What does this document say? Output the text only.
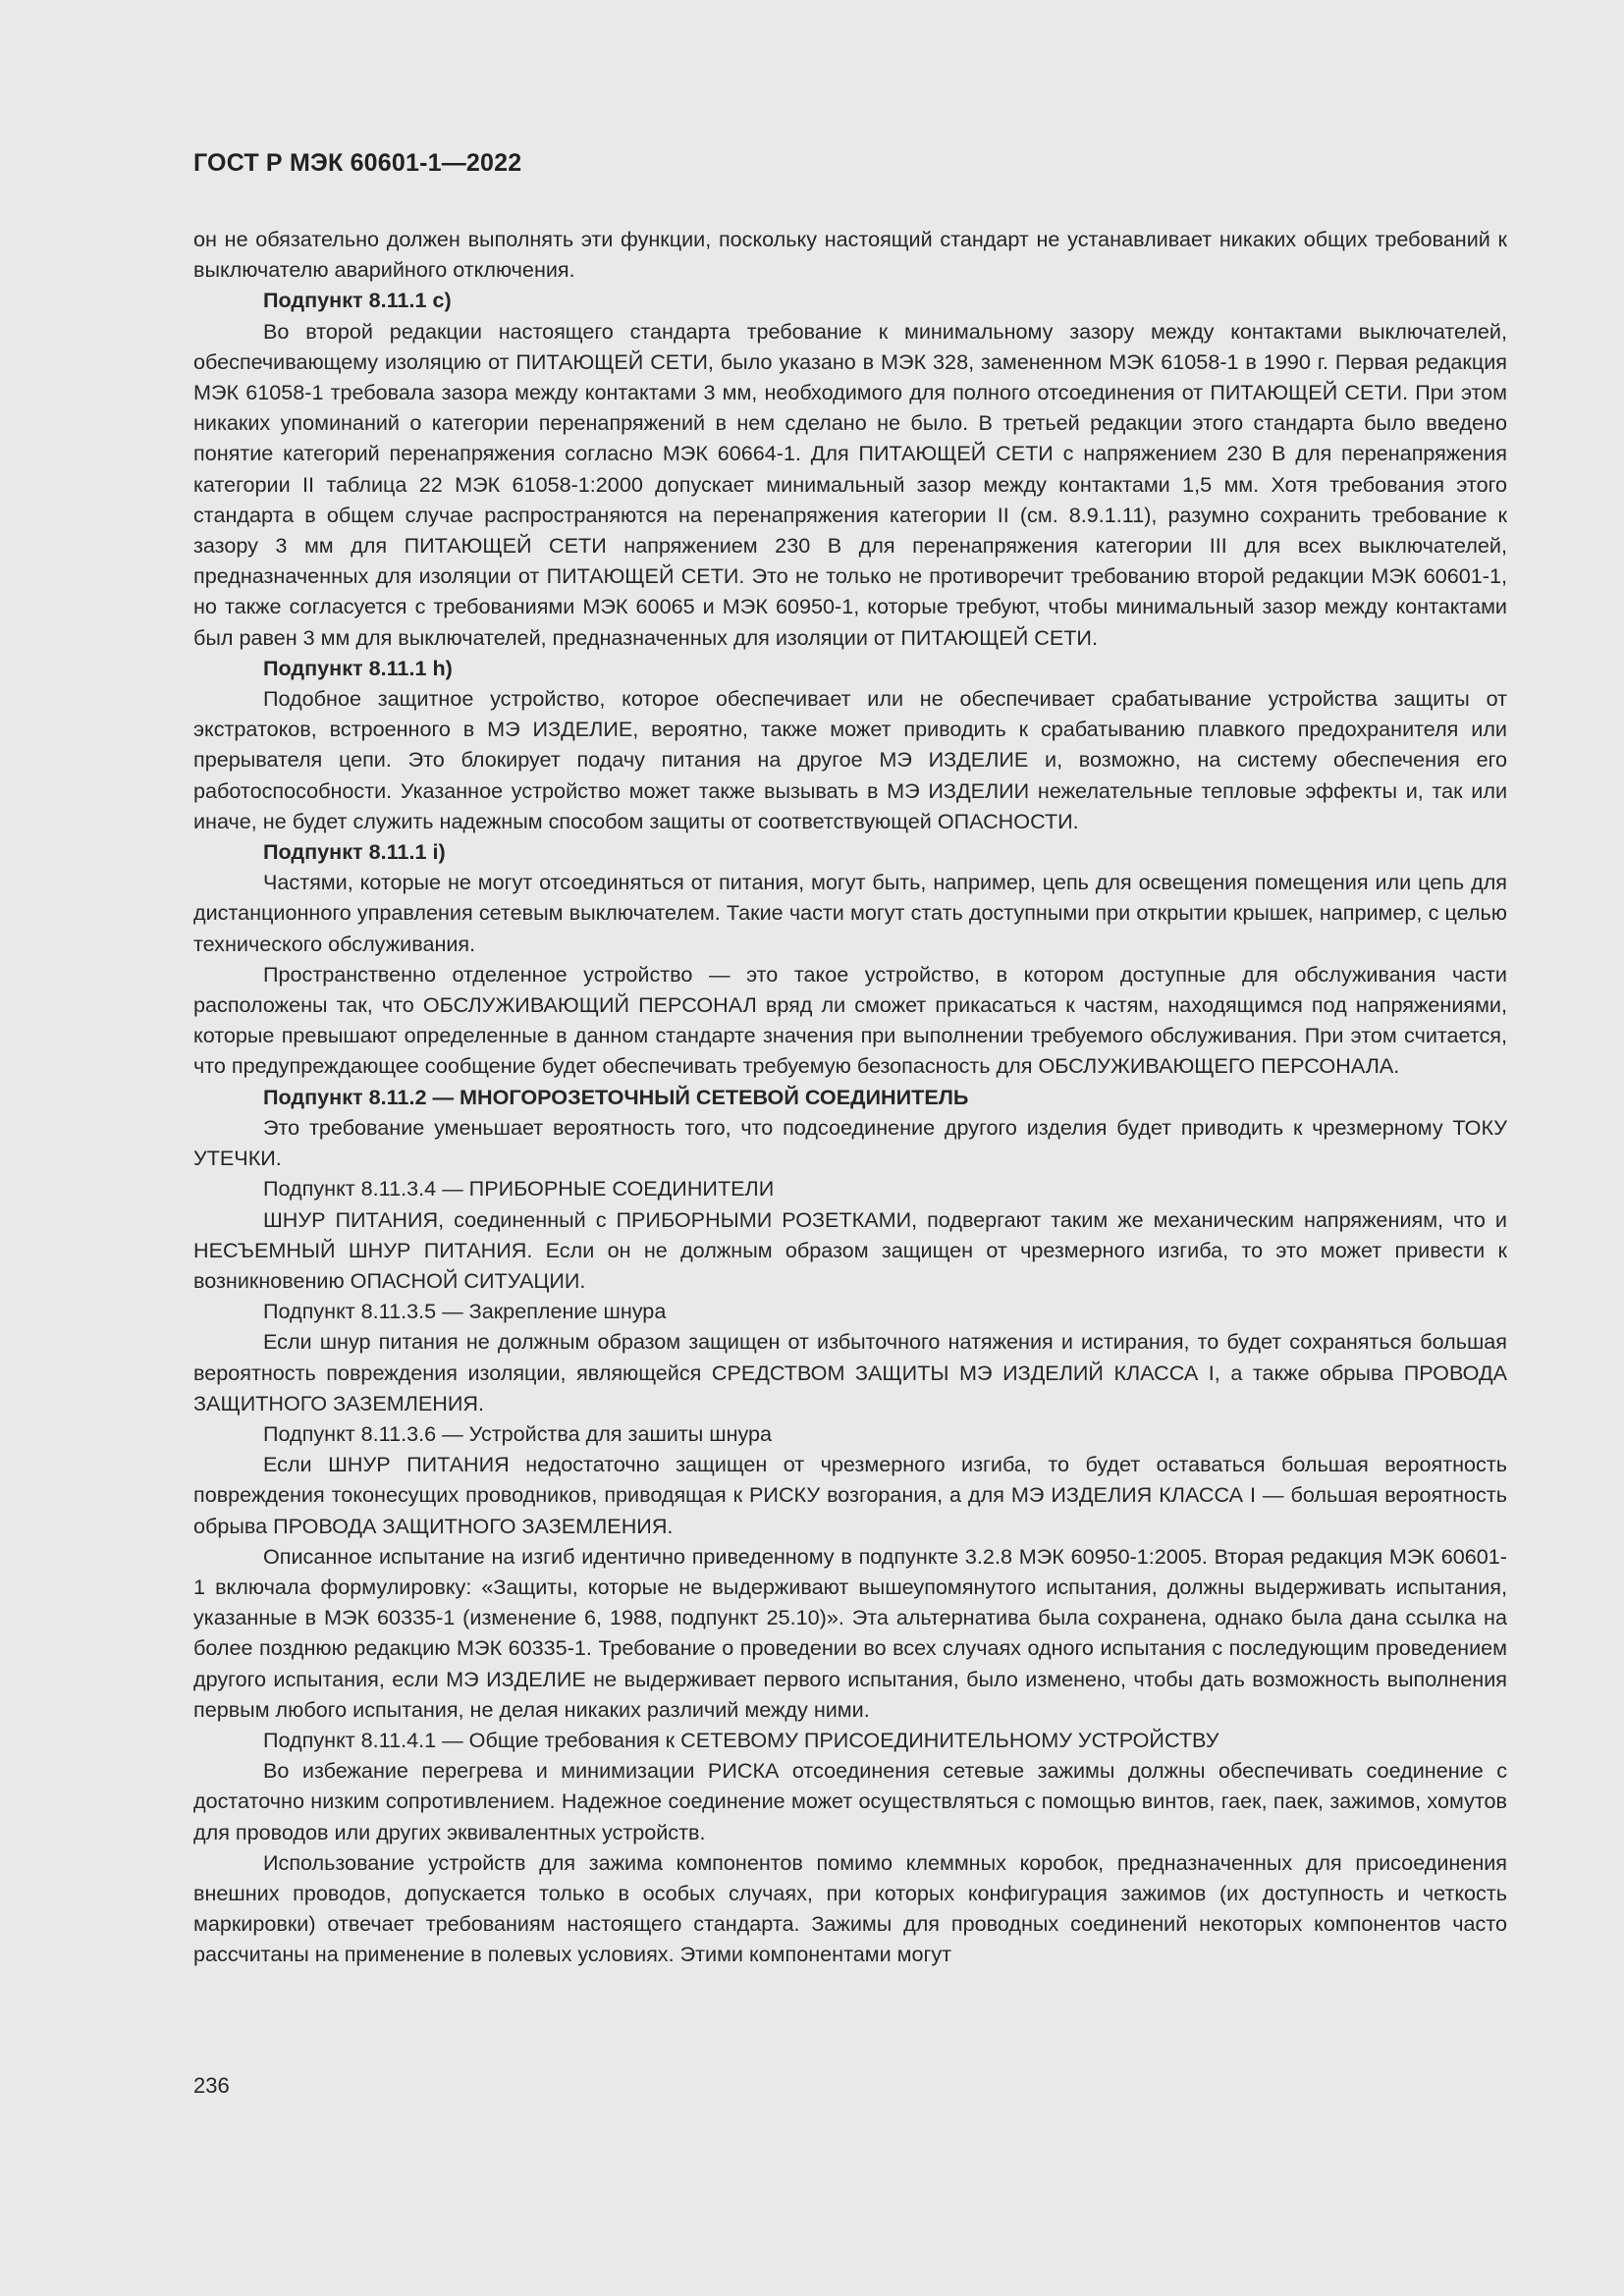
ГОСТ Р МЭК 60601-1—2022

он не обязательно должен выполнять эти функции, поскольку настоящий стандарт не устанавливает никаких общих требований к выключателю аварийного отключения.

Подпункт 8.11.1 c)

Во второй редакции настоящего стандарта требование к минимальному зазору между контактами выключателей, обеспечивающему изоляцию от ПИТАЮЩЕЙ СЕТИ, было указано в МЭК 328, замененном МЭК 61058-1 в 1990 г. Первая редакция МЭК 61058-1 требовала зазора между контактами 3 мм, необходимого для полного отсоединения от ПИТАЮЩЕЙ СЕТИ. При этом никаких упоминаний о категории перенапряжений в нем сделано не было. В третьей редакции этого стандарта было введено понятие категорий перенапряжения согласно МЭК 60664-1. Для ПИТАЮЩЕЙ СЕТИ с напряжением 230 В для перенапряжения категории II таблица 22 МЭК 61058-1:2000 допускает минимальный зазор между контактами 1,5 мм. Хотя требования этого стандарта в общем случае распространяются на перенапряжения категории II (см. 8.9.1.11), разумно сохранить требование к зазору 3 мм для ПИТАЮЩЕЙ СЕТИ напряжением 230 В для перенапряжения категории III для всех выключателей, предназначенных для изоляции от ПИТАЮЩЕЙ СЕТИ. Это не только не противоречит требованию второй редакции МЭК 60601-1, но также согласуется с требованиями МЭК 60065 и МЭК 60950-1, которые требуют, чтобы минимальный зазор между контактами был равен 3 мм для выключателей, предназначенных для изоляции от ПИТАЮЩЕЙ СЕТИ.

Подпункт 8.11.1 h)

Подобное защитное устройство, которое обеспечивает или не обеспечивает срабатывание устройства защиты от экстратоков, встроенного в МЭ ИЗДЕЛИЕ, вероятно, также может приводить к срабатыванию плавкого предохранителя или прерывателя цепи. Это блокирует подачу питания на другое МЭ ИЗДЕЛИЕ и, возможно, на систему обеспечения его работоспособности. Указанное устройство может также вызывать в МЭ ИЗДЕЛИИ нежелательные тепловые эффекты и, так или иначе, не будет служить надежным способом защиты от соответствующей ОПАСНОСТИ.

Подпункт 8.11.1 i)

Частями, которые не могут отсоединяться от питания, могут быть, например, цепь для освещения помещения или цепь для дистанционного управления сетевым выключателем. Такие части могут стать доступными при открытии крышек, например, с целью технического обслуживания.

Пространственно отделенное устройство — это такое устройство, в котором доступные для обслуживания части расположены так, что ОБСЛУЖИВАЮЩИЙ ПЕРСОНАЛ вряд ли сможет прикасаться к частям, находящимся под напряжениями, которые превышают определенные в данном стандарте значения при выполнении требуемого обслуживания. При этом считается, что предупреждающее сообщение будет обеспечивать требуемую безопасность для ОБСЛУЖИВАЮЩЕГО ПЕРСОНАЛА.

Подпункт 8.11.2 — МНОГОРОЗЕТОЧНЫЙ СЕТЕВОЙ СОЕДИНИТЕЛЬ

Это требование уменьшает вероятность того, что подсоединение другого изделия будет приводить к чрезмерному ТОКУ УТЕЧКИ.

Подпункт 8.11.3.4 — ПРИБОРНЫЕ СОЕДИНИТЕЛИ

ШНУР ПИТАНИЯ, соединенный с ПРИБОРНЫМИ РОЗЕТКАМИ, подвергают таким же механическим напряжениям, что и НЕСЪЕМНЫЙ ШНУР ПИТАНИЯ. Если он не должным образом защищен от чрезмерного изгиба, то это может привести к возникновению ОПАСНОЙ СИТУАЦИИ.

Подпункт 8.11.3.5 — Закрепление шнура

Если шнур питания не должным образом защищен от избыточного натяжения и истирания, то будет сохраняться большая вероятность повреждения изоляции, являющейся СРЕДСТВОМ ЗАЩИТЫ МЭ ИЗДЕЛИЙ КЛАССА I, а также обрыва ПРОВОДА ЗАЩИТНОГО ЗАЗЕМЛЕНИЯ.

Подпункт 8.11.3.6 — Устройства для зашиты шнура

Если ШНУР ПИТАНИЯ недостаточно защищен от чрезмерного изгиба, то будет оставаться большая вероятность повреждения токонесущих проводников, приводящая к РИСКУ возгорания, а для МЭ ИЗДЕЛИЯ КЛАССА I — большая вероятность обрыва ПРОВОДА ЗАЩИТНОГО ЗАЗЕМЛЕНИЯ.

Описанное испытание на изгиб идентично приведенному в подпункте 3.2.8 МЭК 60950-1:2005. Вторая редакция МЭК 60601-1 включала формулировку: «Защиты, которые не выдерживают вышеупомянутого испытания, должны выдерживать испытания, указанные в МЭК 60335-1 (изменение 6, 1988, подпункт 25.10)». Эта альтернатива была сохранена, однако была дана ссылка на более позднюю редакцию МЭК 60335-1. Требование о проведении во всех случаях одного испытания с последующим проведением другого испытания, если МЭ ИЗДЕЛИЕ не выдерживает первого испытания, было изменено, чтобы дать возможность выполнения первым любого испытания, не делая никаких различий между ними.

Подпункт 8.11.4.1 — Общие требования к СЕТЕВОМУ ПРИСОЕДИНИТЕЛЬНОМУ УСТРОЙСТВУ

Во избежание перегрева и минимизации РИСКА отсоединения сетевые зажимы должны обеспечивать соединение с достаточно низким сопротивлением. Надежное соединение может осуществляться с помощью винтов, гаек, паек, зажимов, хомутов для проводов или других эквивалентных устройств.

Использование устройств для зажима компонентов помимо клеммных коробок, предназначенных для присоединения внешних проводов, допускается только в особых случаях, при которых конфигурация зажимов (их доступность и четкость маркировки) отвечает требованиям настоящего стандарта. Зажимы для проводных соединений некоторых компонентов часто рассчитаны на применение в полевых условиях. Этими компонентами могут

236
